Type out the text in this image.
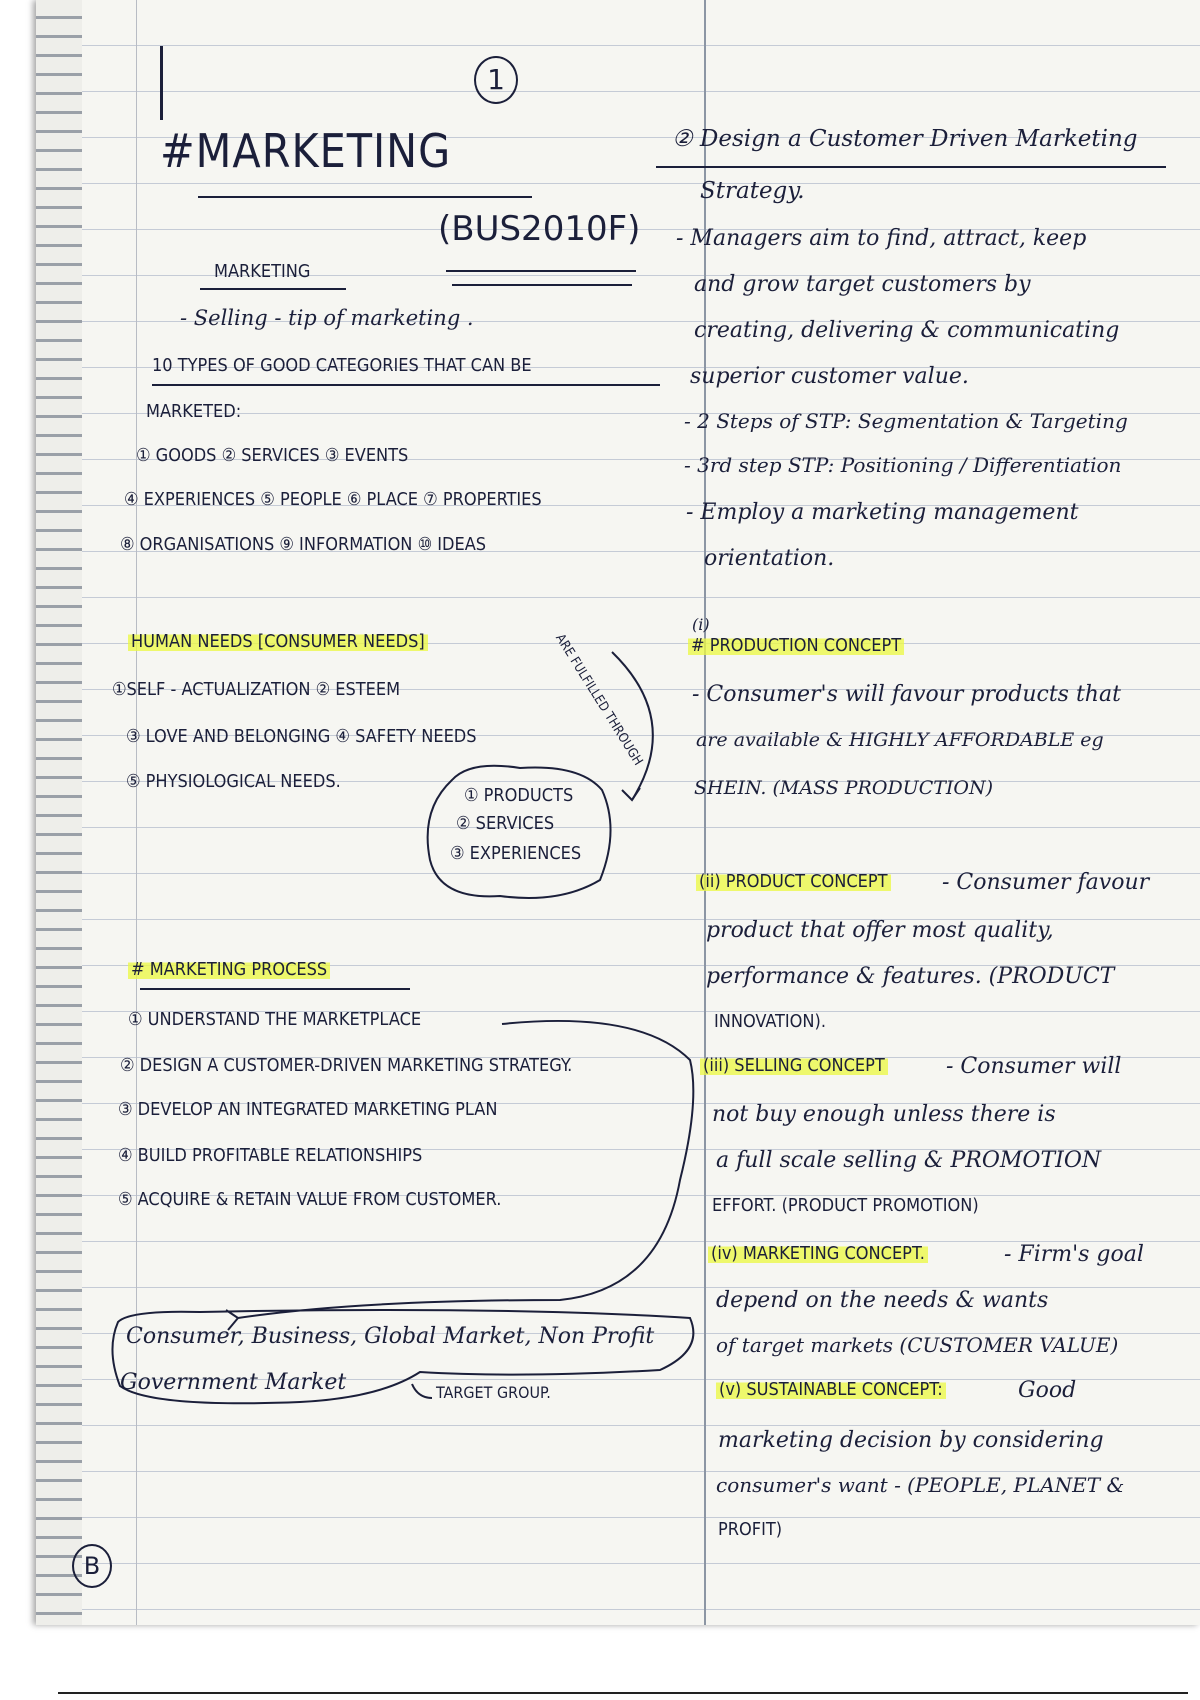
1
#MARKETING
(BUS2010F)
MARKETING
- Selling - tip of marketing .
10 TYPES OF GOOD CATEGORIES THAT CAN BE
MARKETED:
① GOODS ② SERVICES ③ EVENTS
④ EXPERIENCES ⑤ PEOPLE ⑥ PLACE ⑦ PROPERTIES
⑧ ORGANISATIONS ⑨ INFORMATION ⑩ IDEAS
HUMAN NEEDS [CONSUMER NEEDS]	ARE FULFILLED THROUGH
①SELF - ACTUALIZATION ② ESTEEM
③ LOVE AND BELONGING ④ SAFETY NEEDS
⑤ PHYSIOLOGICAL NEEDS.
① PRODUCTS
② SERVICES
③ EXPERIENCES
# MARKETING PROCESS
① UNDERSTAND THE MARKETPLACE
② DESIGN A CUSTOMER-DRIVEN MARKETING STRATEGY.
③ DEVELOP AN INTEGRATED MARKETING PLAN
④ BUILD PROFITABLE RELATIONSHIPS
⑤ ACQUIRE & RETAIN VALUE FROM CUSTOMER.
Consumer, Business, Global Market, Non Profit
Government Market	TARGET GROUP.
B
② Design a Customer Driven Marketing
Strategy.
- Managers aim to find, attract, keep
and grow target customers by
creating, delivering & communicating
superior customer value.
- 2 Steps of STP: Segmentation & Targeting
- 3rd step STP: Positioning / Differentiation
- Employ a marketing management
orientation.
(i)
# PRODUCTION CONCEPT
- Consumer's will favour products that
are available & HIGHLY AFFORDABLE eg
SHEIN. (MASS PRODUCTION)
(ii) PRODUCT CONCEPT - Consumer favour
product that offer most quality,
performance & features. (PRODUCT
INNOVATION).
(iii) SELLING CONCEPT	- Consumer will
not buy enough unless there is
a full scale selling & PROMOTION
EFFORT. (PRODUCT PROMOTION)
(iv) MARKETING CONCEPT.	- Firm's goal
depend on the needs & wants
of target markets (CUSTOMER VALUE)
(v) SUSTAINABLE CONCEPT:	Good
marketing decision by considering
consumer's want - (PEOPLE, PLANET &
PROFIT)
